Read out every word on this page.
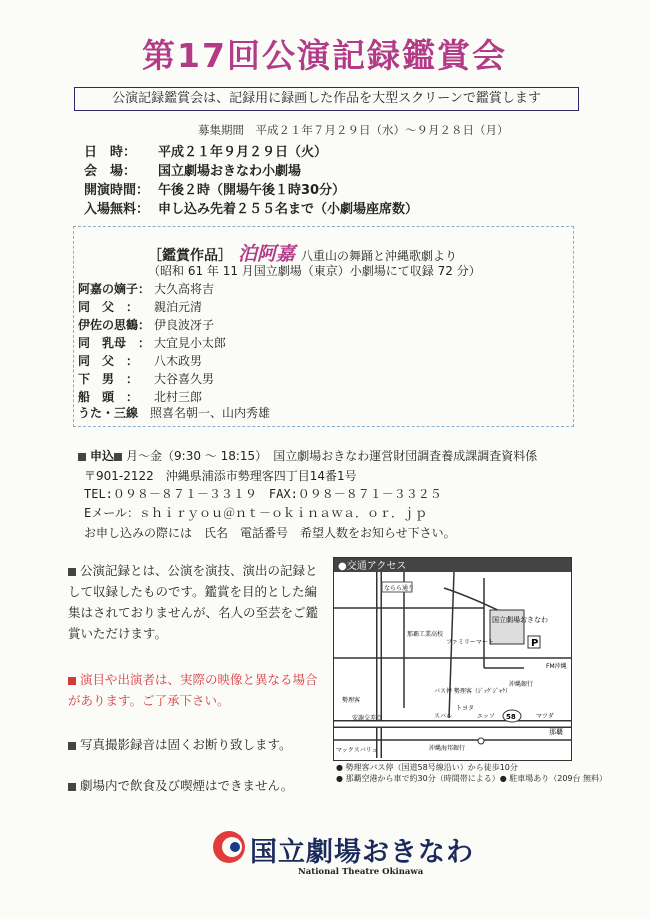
第17回公演記録鑑賞会
公演記録鑑賞会は、記録用に録画した作品を大型スクリーンで鑑賞します
募集期間　平成２１年７月２９日（水）～９月２８日（月）
日　時： 平成２１年９月２９日（火）
会　場： 国立劇場おきなわ小劇場
開演時間： 午後２時（開場午後１時30分）
入場無料： 申し込み先着２５５名まで（小劇場座席数）
［鑑賞作品］ 泊阿嘉 八重山の舞踊と沖縄歌劇より
（昭和 61 年 11 月国立劇場（東京）小劇場にて収録 72 分）
阿嘉の嫡子： 大久高将吉
同　父　：	親泊元清
伊佐の思鶴： 伊良波冴子
同　乳母　： 大宜見小太郎
同　父　：	八木政男
下　男　：	大谷喜久男
船　頭　：	北村三郎
うた・三線　 照喜名朝一、山内秀雄
申込 月～金（9:30 ～ 18:15）　 国立劇場おきなわ運営財団調査養成課調査資料係
〒901-2122　沖縄県浦添市勢理客四丁目14番1号
TEL:０９８－８７１－３３１９　FAX:０９８－８７１－３３２５
Eメール：ｓｈｉｒｙｏｕ＠ｎｔ－ｏｋｉｎａｗａ．ｏｒ．ｊｐ
お申し込みの際には　氏名　電話番号　希望人数をお知らせ下さい。
公演記録とは、公演を演技、演出の記録として収録したものです。鑑賞を目的とした編集はされておりませんが、名人の至芸をご鑑賞いただけます。
演目や出演者は、実際の映像と異なる場合があります。ご了承下さい。
写真撮影録音は固くお断り致します。
劇場内で飲食及び喫煙はできません。
●交通アクセス
国立劇場おきなわ
P
ならら通り
那覇工業高校
ファミリーマート
FM沖縄
バス停 勢理客（ｼﾞｯｸﾞｼﾞｬｸ）
沖縄銀行
スバル
トヨタ
エッソ	マツダ
勢理客
安謝交差点
マックスバリュ	沖縄海邦銀行
58
那覇
● 勢理客バス停（国道58号線沿い）から徒歩10分
● 那覇空港から車で約30分（時間帯による）● 駐車場あり（209台 無料）
国立劇場おきなわ
National Theatre Okinawa
